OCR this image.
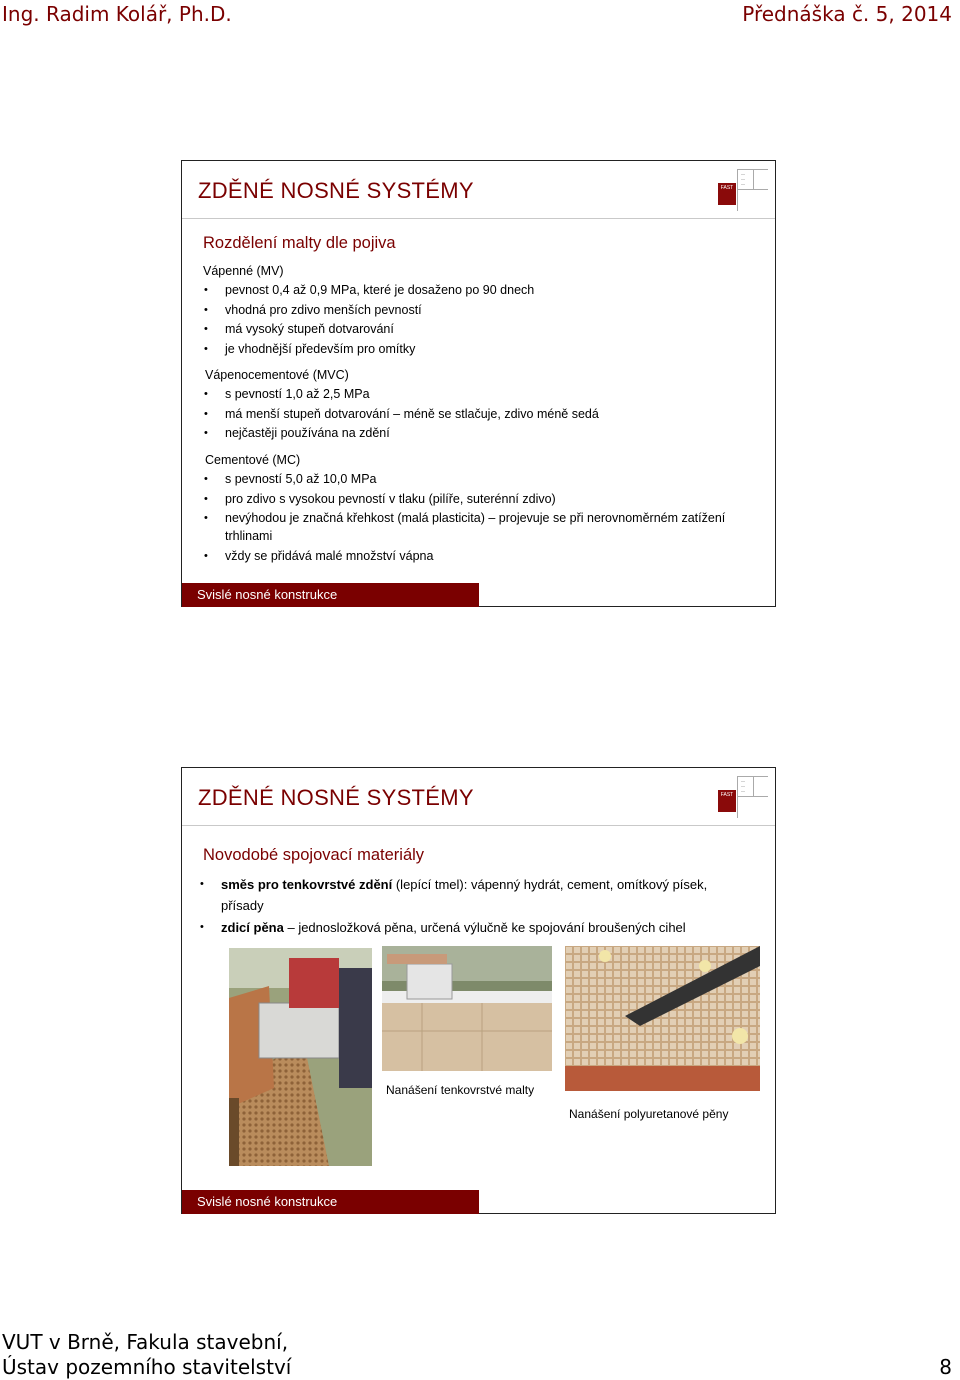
Ing. Radim Kolář, Ph.D.	Přednáška č. 5, 2014
ZDĚNÉ NOSNÉ SYSTÉMY	FAST
—
—
—
Rozdělení malty dle pojiva
Vápenné (MV)
• pevnost 0,4 až 0,9 MPa, které je dosaženo po 90 dnech
• vhodná pro zdivo menších pevností
• má vysoký stupeň dotvarování
• je vhodnější především pro omítky
Vápenocementové (MVC)
• s pevností 1,0 až 2,5 MPa
• má menší stupeň dotvarování – méně se stlačuje, zdivo méně sedá
• nejčastěji používána na zdění
Cementové (MC)
• s pevností 5,0 až 10,0 MPa
• pro zdivo s vysokou pevností v tlaku (pilíře, suterénní zdivo)
• nevýhodou je značná křehkost (malá plasticita) – projevuje se při nerovnoměrném zatížení trhlinami
• vždy se přidává malé množství vápna
Svislé nosné konstrukce
ZDĚNÉ NOSNÉ SYSTÉMY	FAST
—
—
—
Novodobé spojovací materiály
• směs pro tenkovrstvé zdění (lepící tmel): vápenný hydrát, cement, omítkový písek, přísady
• zdicí pěna – jednosložková pěna, určená výlučně ke spojování broušených cihel
Nanášení tenkovrstvé malty
Nanášení polyuretanové pěny
Svislé nosné konstrukce
VUT v Brně, Fakula stavební,
Ústav pozemního stavitelství	8
